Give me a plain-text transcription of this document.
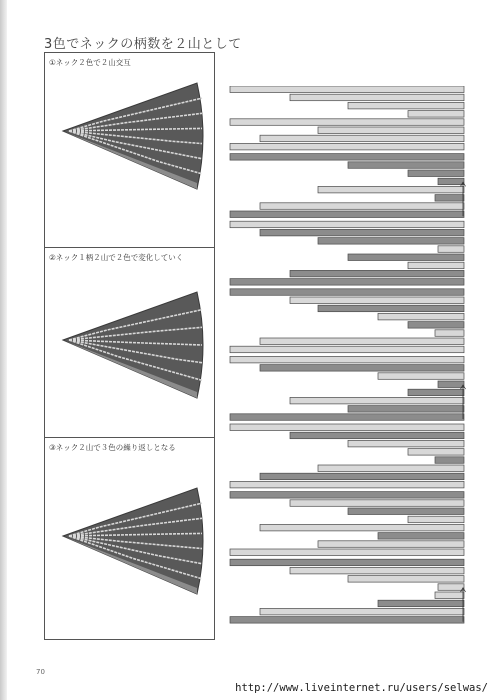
3色でネックの柄数を２山として
①ネック２色で２山交互
②ネック１柄２山で２色で変化していく
③ネック２山で３色の繰り返しとなる
70
http://www.liveinternet.ru/users/selwas/
